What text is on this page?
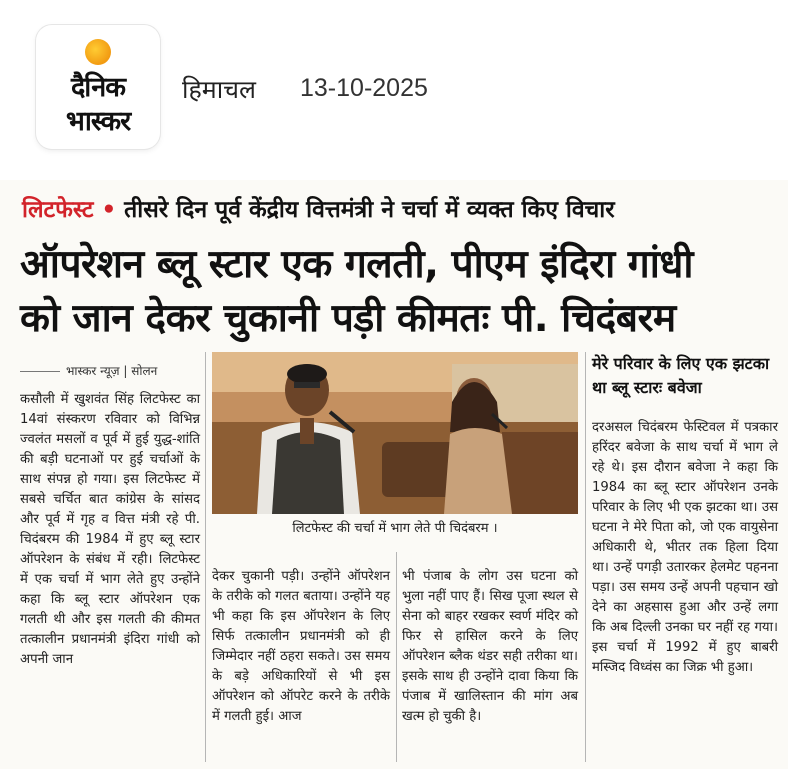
दैनिक
भास्कर
हिमाचल 13-10-2025
लिटफेस्ट • तीसरे दिन पूर्व केंद्रीय वित्तमंत्री ने चर्चा में व्यक्त किए विचार
ऑपरेशन ब्लू स्टार एक गलती, पीएम इंदिरा गांधी
को जान देकर चुकानी पड़ी कीमतः पी. चिदंबरम
भास्कर न्यूज़ | सोलन
लिटफेस्ट की चर्चा में भाग लेते पी चिदंबरम ।

कसौली में खुशवंत सिंह लिटफेस्ट का 14वां संस्करण रविवार को विभिन्न ज्वलंत मसलों व पूर्व में हुई युद्ध-शांति की बड़ी घटनाओं पर हुई चर्चाओं के साथ संपन्न हो गया। इस लिटफेस्ट में सबसे चर्चित बात कांग्रेस के सांसद और पूर्व में गृह व वित्त मंत्री रहे पी. चिदंबरम की 1984 में हुए ब्लू स्टार ऑपरेशन के संबंध में रही। लिटफेस्ट में एक चर्चा में भाग लेते हुए उन्होंने कहा कि ब्लू स्टार ऑपरेशन एक गलती थी और इस गलती की कीमत तत्कालीन प्रधानमंत्री इंदिरा गांधी को अपनी जान

देकर चुकानी पड़ी। उन्होंने ऑपरेशन के तरीके को गलत बताया। उन्होंने यह भी कहा कि इस ऑपरेशन के लिए सिर्फ तत्कालीन प्रधानमंत्री को ही जिम्मेदार नहीं ठहरा सकते। उस समय के बड़े अधिकारियों से भी इस ऑपरेशन को ऑपरेट करने के तरीके में गलती हुई। आज

भी पंजाब के लोग उस घटना को भुला नहीं पाए हैं। सिख पूजा स्थल से सेना को बाहर रखकर स्वर्ण मंदिर को फिर से हासिल करने के लिए ऑपरेशन ब्लैक थंडर सही तरीका था। इसके साथ ही उन्होंने दावा किया कि पंजाब में खालिस्तान की मांग अब खत्म हो चुकी है।

मेरे परिवार के लिए एक झटका था ब्लू स्टारः बवेजा

दरअसल चिदंबरम फेस्टिवल में पत्रकार हरिंदर बवेजा के साथ चर्चा में भाग ले रहे थे। इस दौरान बवेजा ने कहा कि 1984 का ब्लू स्टार ऑपरेशन उनके परिवार के लिए भी एक झटका था। उस घटना ने मेरे पिता को, जो एक वायुसेना अधिकारी थे, भीतर तक हिला दिया था। उन्हें पगड़ी उतारकर हेलमेट पहनना पड़ा। उस समय उन्हें अपनी पहचान खो देने का अहसास हुआ और उन्हें लगा कि अब दिल्ली उनका घर नहीं रह गया। इस चर्चा में 1992 में हुए बाबरी मस्जिद विध्वंस का जिक्र भी हुआ।
